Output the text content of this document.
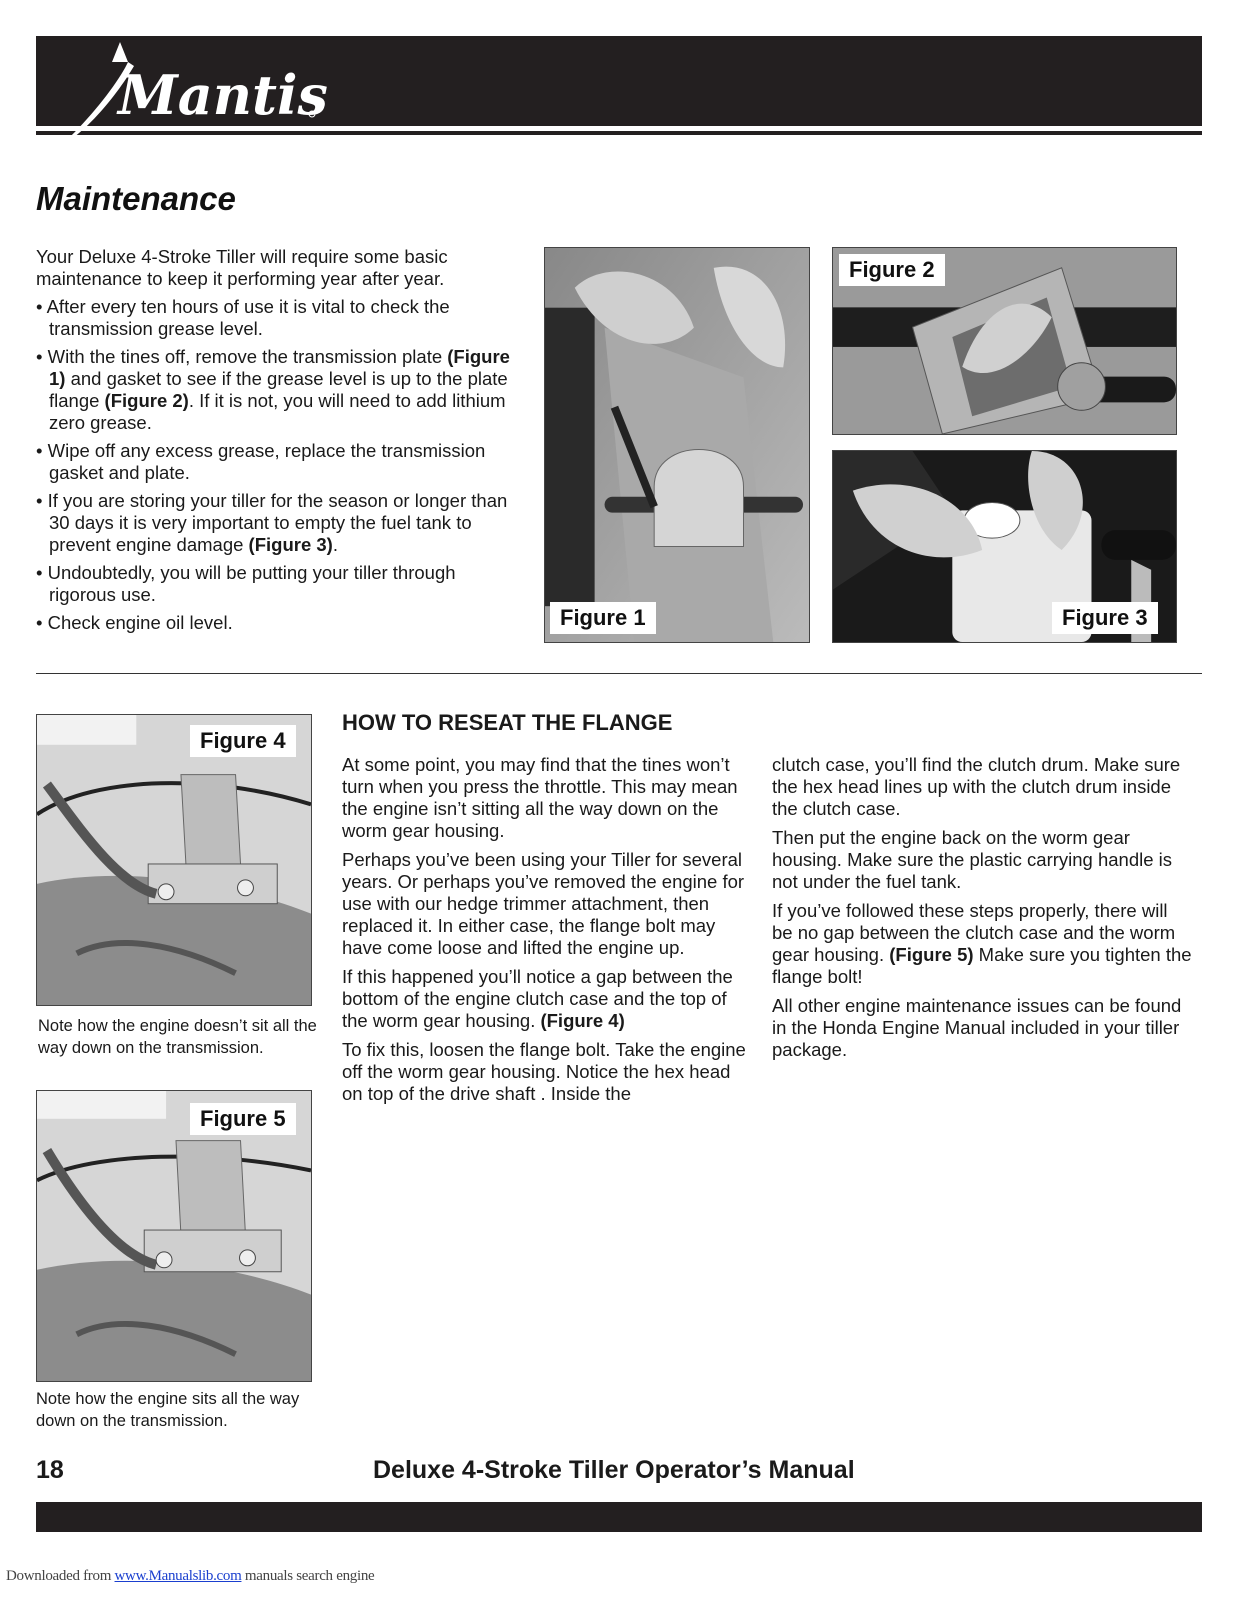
Mantis
Maintenance

Your Deluxe 4-Stroke Tiller will require some basic maintenance to keep it performing year after year.

• After every ten hours of use it is vital to check the transmission grease level.

• With the tines off, remove the transmission plate (Figure 1) and gasket to see if the grease level is up to the plate flange (Figure 2). If it is not, you will need to add lithium zero grease.

• Wipe off any excess grease, replace the transmission gasket and plate.

• If you are storing your tiller for the season or longer than 30 days it is very important to empty the fuel tank to prevent engine damage (Figure 3).

• Undoubtedly, you will be putting your tiller through rigorous use.

• Check engine oil level.	Figure 1
Figure 2
Figure 3
Figure 4
Note how the engine doesn’t sit all the way down on the transmission.
Figure 5
Note how the engine sits all the way down on the transmission.
HOW TO RESEAT THE FLANGE

At some point, you may find that the tines won’t turn when you press the throttle. This may mean the engine isn’t sitting all the way down on the worm gear housing.

Perhaps you’ve been using your Tiller for several years. Or perhaps you’ve removed the engine for use with our hedge trimmer attachment, then replaced it. In either case, the flange bolt may have come loose and lifted the engine up.

If this happened you’ll notice a gap between the bottom of the engine clutch case and the top of the worm gear housing. (Figure 4)

To fix this, loosen the flange bolt. Take the engine off the worm gear housing. Notice the hex head on top of the drive shaft . Inside the

clutch case, you’ll find the clutch drum. Make sure the hex head lines up with the clutch drum inside the clutch case.

Then put the engine back on the worm gear housing. Make sure the plastic carrying handle is not under the fuel tank.

If you’ve followed these steps properly, there will be no gap between the clutch case and the worm gear housing. (Figure 5) Make sure you tighten the flange bolt!

All other engine maintenance issues can be found in the Honda Engine Manual included in your tiller package.

18	Deluxe 4-Stroke Tiller Operator’s Manual
Downloaded from www.Manualslib.com manuals search engine
